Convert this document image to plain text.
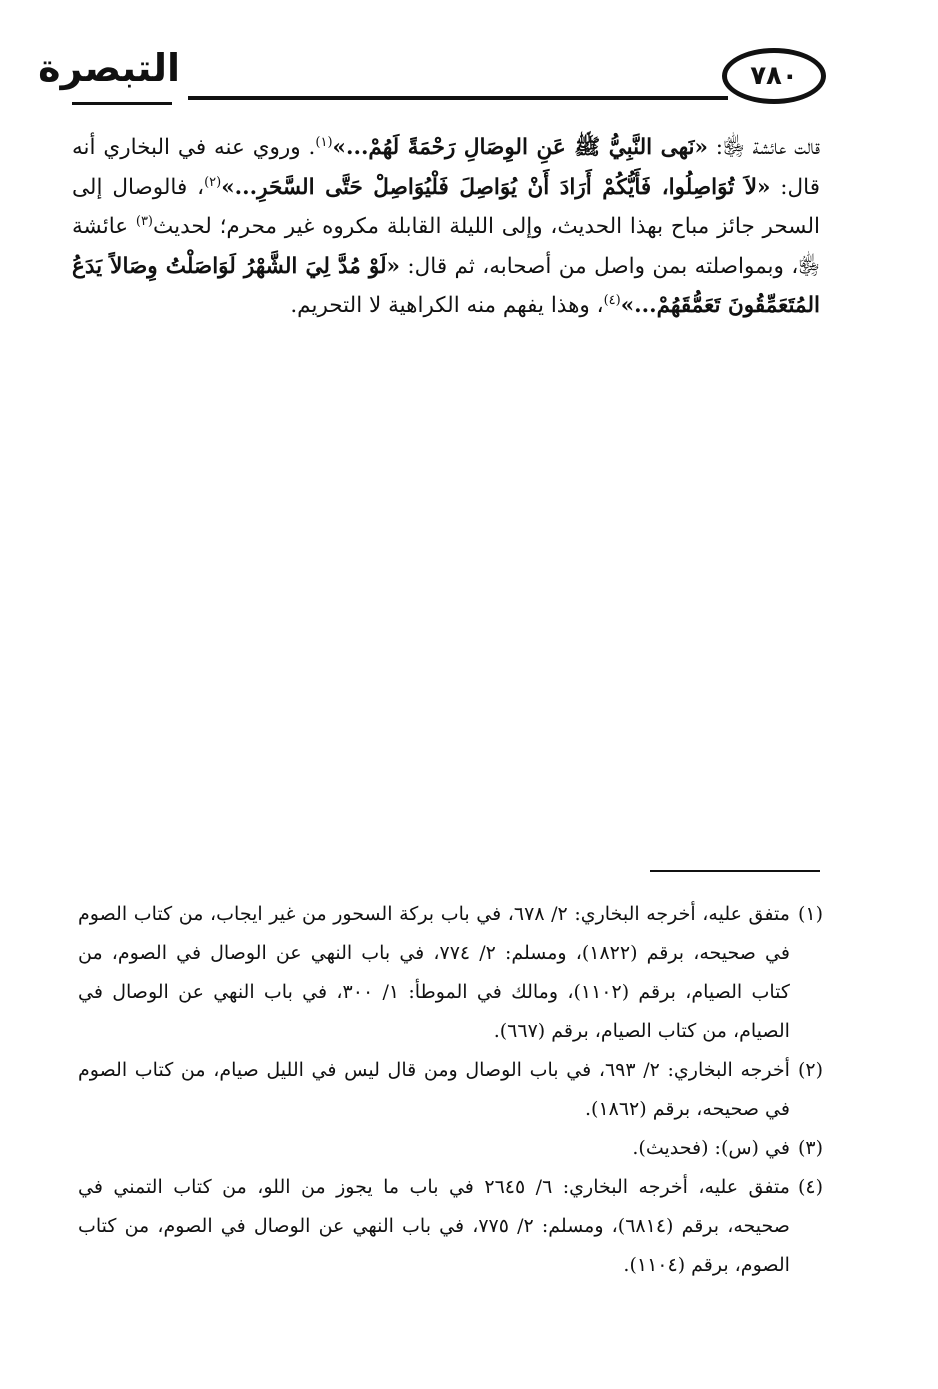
التبصرة	٧٨٠

قالت عائشة ﵂: «نَهى النَّبِيُّ ﷺ عَنِ الوِصَالِ رَحْمَةً لَهُمْ...»$^{(١)}$. وروي عنه في البخاري أنه قال: «لاَ تُوَاصِلُوا، فَأَيُّكُمْ أَرَادَ أَنْ يُوَاصِلَ فَلْيُوَاصِلْ حَتَّى السَّحَرِ...»$^{(٢)}$، فالوصال إلى السحر جائز مباح بهذا الحديث، وإلى الليلة القابلة مكروه غير محرم؛ لحديث$^{(٣)}$ عائشة ﵂، وبمواصلته بمن واصل من أصحابه، ثم قال: «لَوْ مُدَّ لِيَ الشَّهْرُ لَوَاصَلْتُ وِصَالاً يَدَعُ المُتَعَمِّقُونَ تَعَمُّقَهُمْ...»$^{(٤)}$، وهذا يفهم منه الكراهية لا التحريم.

(١)
متفق عليه، أخرجه البخاري: ٢/ ٦٧٨، في باب بركة السحور من غير ايجاب، من كتاب الصوم في صحيحه، برقم (١٨٢٢)، ومسلم: ٢/ ٧٧٤، في باب النهي عن الوصال في الصوم، من كتاب الصيام، برقم (١١٠٢)، ومالك في الموطأ: ١/ ٣٠٠، في باب النهي عن الوصال في الصيام، من كتاب الصيام، برقم (٦٦٧).
(٢)
أخرجه البخاري: ٢/ ٦٩٣، في باب الوصال ومن قال ليس في الليل صيام، من كتاب الصوم في صحيحه، برقم (١٨٦٢).
(٣)
في (س): (فحديث).
(٤)
متفق عليه، أخرجه البخاري: ٦/ ٢٦٤٥ في باب ما يجوز من اللو، من كتاب التمني في صحيحه، برقم (٦٨١٤)، ومسلم: ٢/ ٧٧٥، في باب النهي عن الوصال في الصوم، من كتاب الصوم، برقم (١١٠٤).
